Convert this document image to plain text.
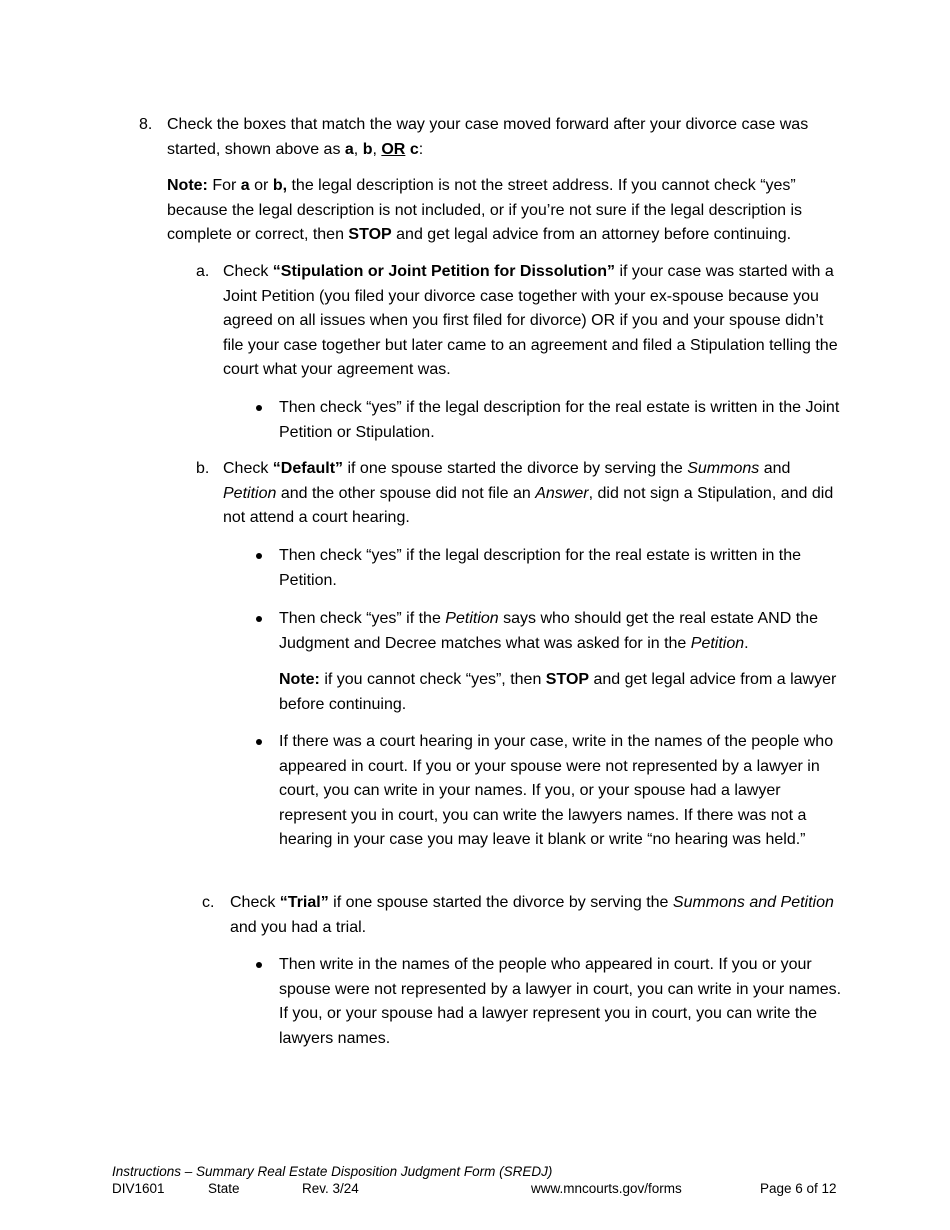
8. Check the boxes that match the way your case moved forward after your divorce case was started, shown above as a, b, OR c:

Note: For a or b, the legal description is not the street address. If you cannot check “yes” because the legal description is not included, or if you’re not sure if the legal description is complete or correct, then STOP and get legal advice from an attorney before continuing.

a. Check “Stipulation or Joint Petition for Dissolution” if your case was started with a Joint Petition (you filed your divorce case together with your ex-spouse because you agreed on all issues when you first filed for divorce) OR if you and your spouse didn’t file your case together but later came to an agreement and filed a Stipulation telling the court what your agreement was.

Then check “yes” if the legal description for the real estate is written in the Joint Petition or Stipulation.

b. Check “Default” if one spouse started the divorce by serving the Summons and Petition and the other spouse did not file an Answer, did not sign a Stipulation, and did not attend a court hearing.

Then check “yes” if the legal description for the real estate is written in the Petition.

Then check “yes” if the Petition says who should get the real estate AND the Judgment and Decree matches what was asked for in the Petition.

Note: if you cannot check “yes”, then STOP and get legal advice from a lawyer before continuing.

If there was a court hearing in your case, write in the names of the people who appeared in court. If you or your spouse were not represented by a lawyer in court, you can write in your names. If you, or your spouse had a lawyer represent you in court, you can write the lawyers names. If there was not a hearing in your case you may leave it blank or write “no hearing was held.”

c. Check “Trial” if one spouse started the divorce by serving the Summons and Petition and you had a trial.

Then write in the names of the people who appeared in court. If you or your spouse were not represented by a lawyer in court, you can write in your names. If you, or your spouse had a lawyer represent you in court, you can write the lawyers names.

Instructions – Summary Real Estate Disposition Judgment Form (SREDJ)
DIV1601	State	Rev. 3/24	www.mncourts.gov/forms	Page 6 of 12
